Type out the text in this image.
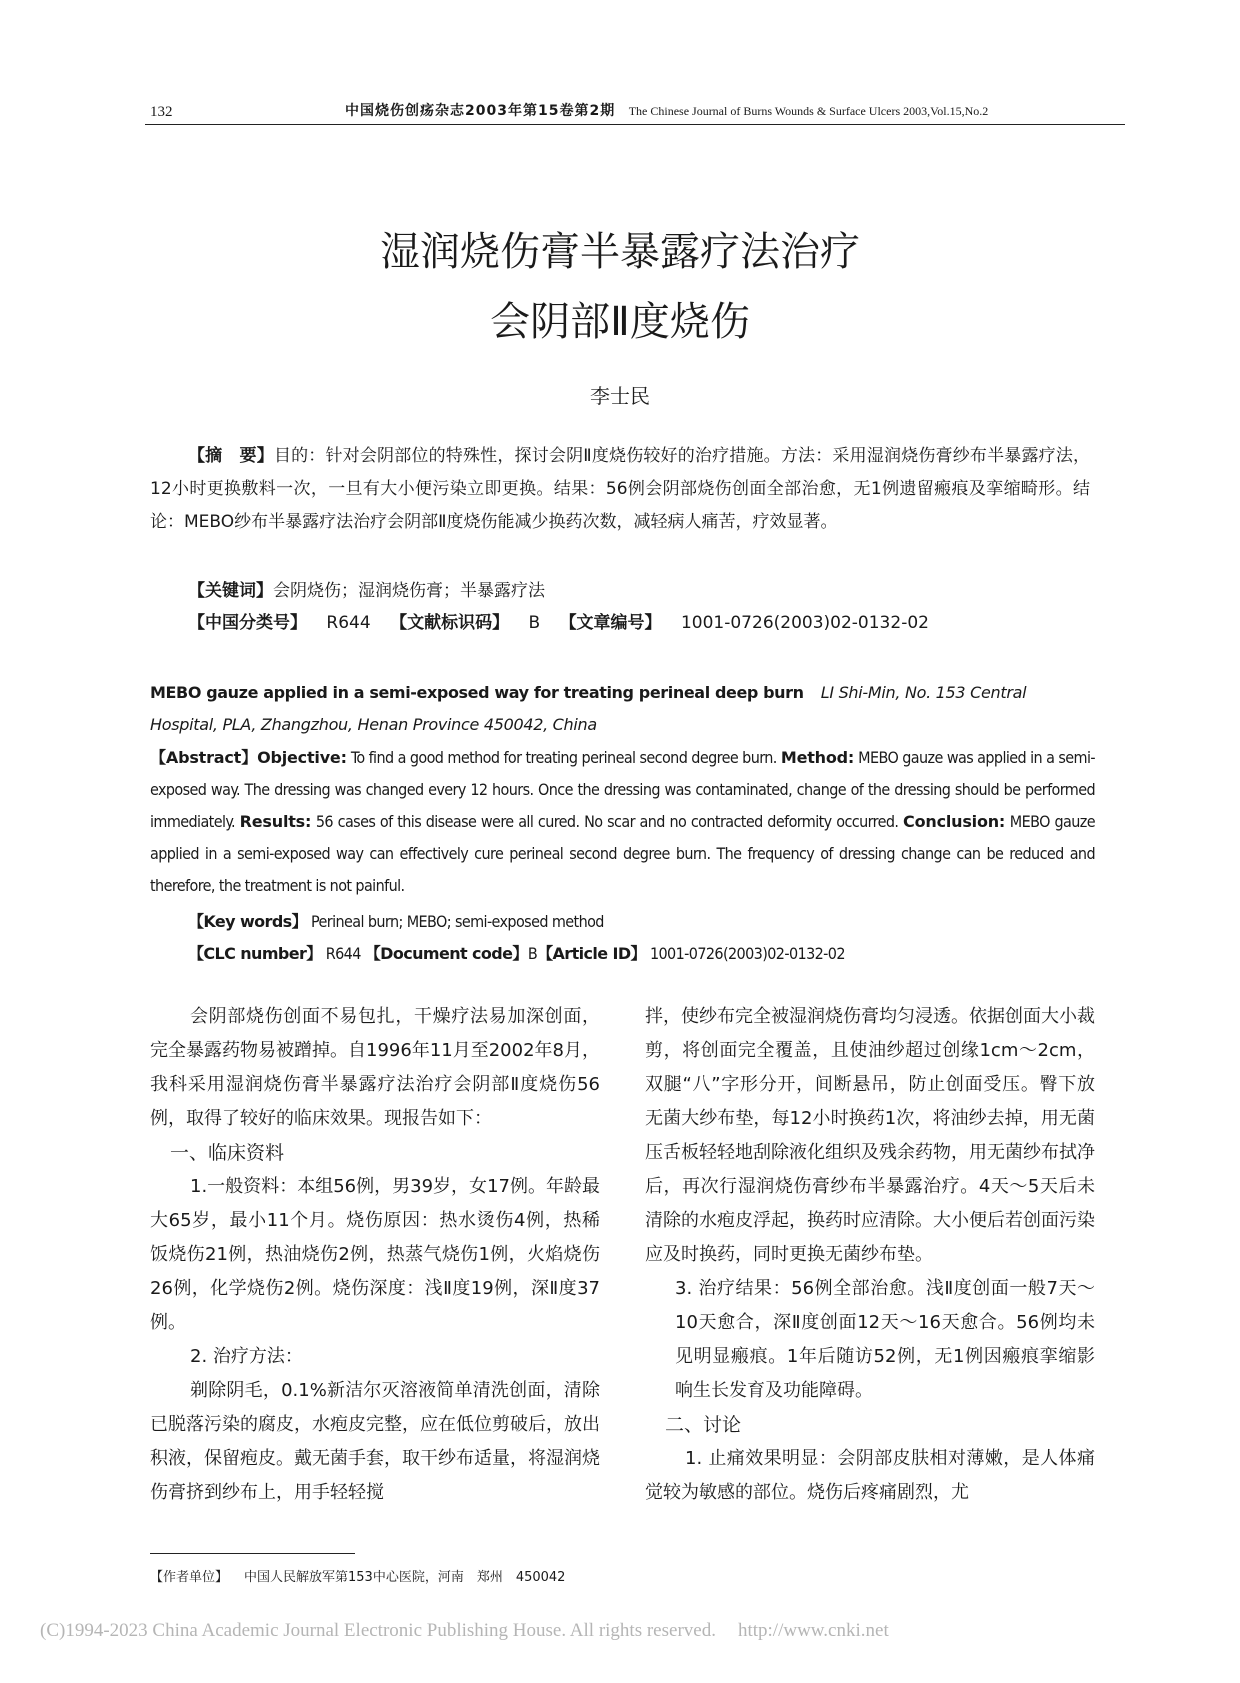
132	中国烧伤创疡杂志2003年第15卷第2期 The Chinese Journal of Burns Wounds & Surface Ulcers 2003,Vol.15,No.2
湿润烧伤膏半暴露疗法治疗
会阴部Ⅱ度烧伤
李士民
【摘　要】目的：针对会阴部位的特殊性，探讨会阴Ⅱ度烧伤较好的治疗措施。方法：采用湿润烧伤膏纱布半暴露疗法，12小时更换敷料一次，一旦有大小便污染立即更换。结果：56例会阴部烧伤创面全部治愈，无1例遗留瘢痕及挛缩畸形。结论：MEBO纱布半暴露疗法治疗会阴部Ⅱ度烧伤能减少换药次数，减轻病人痛苦，疗效显著。
【关键词】会阴烧伤；湿润烧伤膏；半暴露疗法
【中国分类号】 R644 【文献标识码】 B 【文章编号】 1001-0726(2003)02-0132-02
MEBO gauze applied in a semi-exposed way for treating perineal deep burn LI Shi-Min, No. 153 Central Hospital, PLA, Zhangzhou, Henan Province 450042, China
【Abstract】Objective: To find a good method for treating perineal second degree burn. Method: MEBO gauze was applied in a semi-exposed way. The dressing was changed every 12 hours. Once the dressing was contaminated, change of the dressing should be performed immediately. Results: 56 cases of this disease were all cured. No scar and no contracted deformity occurred. Conclusion: MEBO gauze applied in a semi-exposed way can effectively cure perineal second degree burn. The frequency of dressing change can be reduced and therefore, the treatment is not painful.
【Key words】 Perineal burn; MEBO; semi-exposed method
【CLC number】 R644 【Document code】B【Article ID】 1001-0726(2003)02-0132-02

会阴部烧伤创面不易包扎，干燥疗法易加深创面，完全暴露药物易被蹭掉。自1996年11月至2002年8月，我科采用湿润烧伤膏半暴露疗法治疗会阴部Ⅱ度烧伤56例，取得了较好的临床效果。现报告如下：

一、临床资料

1.一般资料：本组56例，男39岁，女17例。年龄最大65岁，最小11个月。烧伤原因：热水烫伤4例，热稀饭烧伤21例，热油烧伤2例，热蒸气烧伤1例，火焰烧伤26例，化学烧伤2例。烧伤深度：浅Ⅱ度19例，深Ⅱ度37例。

2. 治疗方法：

剃除阴毛，0.1%新洁尔灭溶液简单清洗创面，清除已脱落污染的腐皮，水疱皮完整，应在低位剪破后，放出积液，保留疱皮。戴无菌手套，取干纱布适量，将湿润烧伤膏挤到纱布上，用手轻轻搅

拌，使纱布完全被湿润烧伤膏均匀浸透。依据创面大小裁剪，将创面完全覆盖，且使油纱超过创缘1cm～2cm，双腿“八”字形分开，间断悬吊，防止创面受压。臀下放无菌大纱布垫，每12小时换药1次，将油纱去掉，用无菌压舌板轻轻地刮除液化组织及残余药物，用无菌纱布拭净后，再次行湿润烧伤膏纱布半暴露治疗。4天～5天后未清除的水疱皮浮起，换药时应清除。大小便后若创面污染应及时换药，同时更换无菌纱布垫。

3. 治疗结果：56例全部治愈。浅Ⅱ度创面一般7天～10天愈合，深Ⅱ度创面12天～16天愈合。56例均未见明显瘢痕。1年后随访52例，无1例因瘢痕挛缩影响生长发育及功能障碍。

二、讨论

1. 止痛效果明显：会阴部皮肤相对薄嫩，是人体痛觉较为敏感的部位。烧伤后疼痛剧烈，尤

【作者单位】 中国人民解放军第153中心医院，河南　郑州　450042
(C)1994-2023 China Academic Journal Electronic Publishing House. All rights reserved. http://www.cnki.net
